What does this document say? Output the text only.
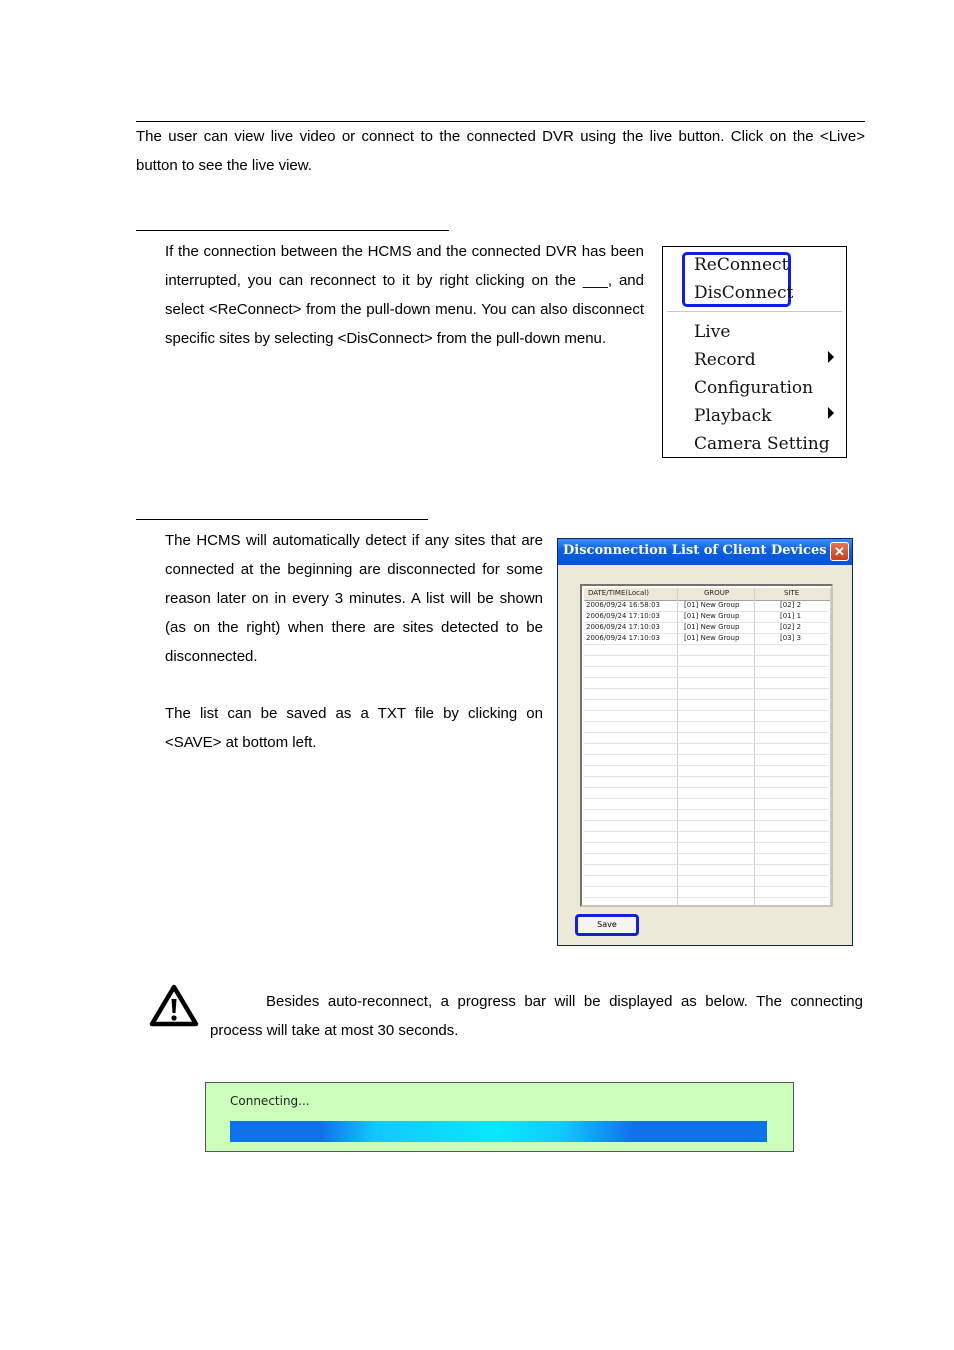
The user can view live video or connect to the connected DVR using the live button. Click on the <Live> button to see the live view.
If the connection between the HCMS and the connected DVR has been interrupted, you can reconnect to it by right clicking on the ___, and select <ReConnect> from the pull-down menu. You can also disconnect specific sites by selecting <DisConnect> from the pull-down menu.
ReConnect
DisConnect
Live
Record
Configuration
Playback
Camera Setting
The HCMS will automatically detect if any sites that are connected at the beginning are disconnected for some reason later on in every 3 minutes. A list will be shown (as on the right) when there are sites detected to be disconnected.
The list can be saved as a TXT file by clicking on <SAVE> at bottom left.
Disconnection List of Client Devices ✕
DATE/TIME(Local)	GROUP	SITE
2006/09/24 16:58:03	[01] New Group	[02] 2
2006/09/24 17:10:03	[01] New Group	[01] 1
2006/09/24 17:10:03	[01] New Group	[02] 2
2006/09/24 17:10:03	[01] New Group	[03] 3
Save
Besides auto-reconnect, a progress bar will be displayed as below. The connecting process will take at most 30 seconds.
Connecting...
